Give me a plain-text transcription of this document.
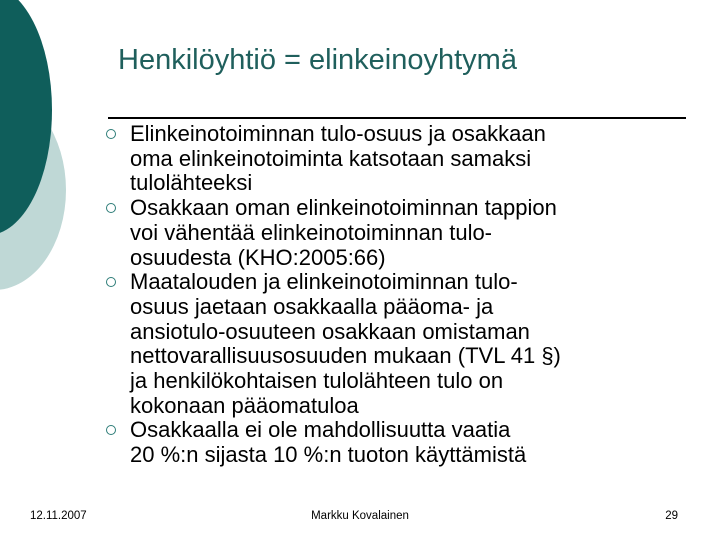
Henkilöyhtiö = elinkeinoyhtymä
Elinkeinotoiminnan tulo-osuus ja osakkaan
oma elinkeinotoiminta katsotaan samaksi
tulolähteeksi
Osakkaan oman elinkeinotoiminnan tappion
voi vähentää elinkeinotoiminnan tulo-
osuudesta (KHO:2005:66)
Maatalouden ja elinkeinotoiminnan tulo-
osuus jaetaan osakkaalla pääoma- ja
ansiotulo-osuuteen osakkaan omistaman
nettovarallisuusosuuden mukaan (TVL 41 §)
ja henkilökohtaisen tulolähteen tulo on
kokonaan pääomatuloa
Osakkaalla ei ole mahdollisuutta vaatia
20 %:n sijasta 10 %:n tuoton käyttämistä
12.11.2007	Markku Kovalainen	29
